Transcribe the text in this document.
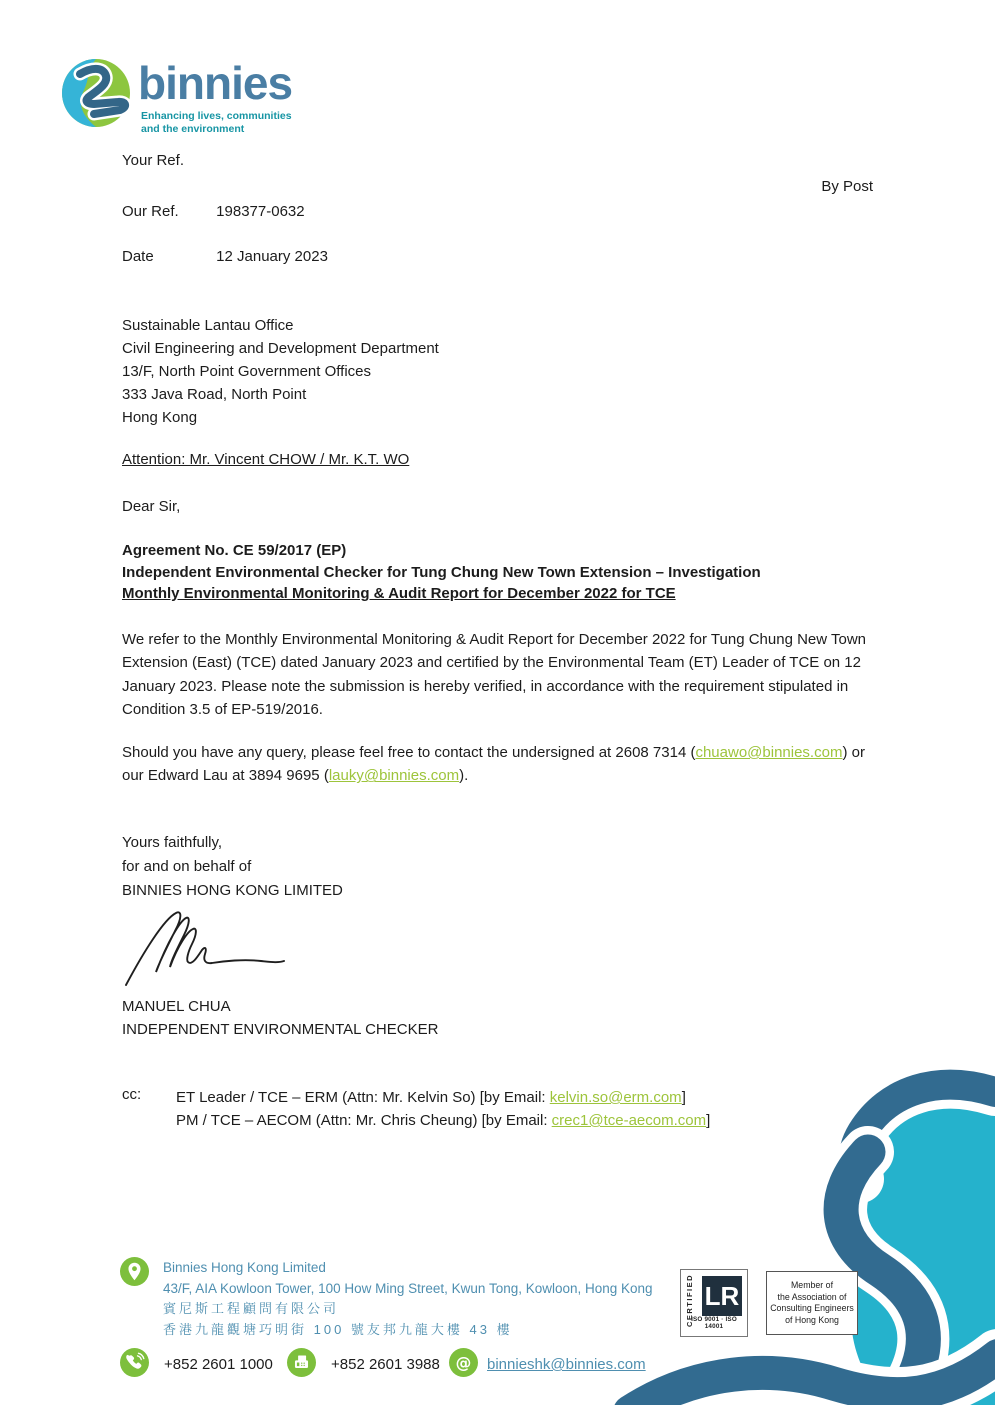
binnies
Enhancing lives, communities
and the environment
Your Ref.
By Post
Our Ref. 198377-0632
Date	12 January 2023
Sustainable Lantau Office
Civil Engineering and Development Department
13/F, North Point Government Offices
333 Java Road, North Point
Hong Kong
Attention: Mr. Vincent CHOW / Mr. K.T. WO
Dear Sir,
Agreement No. CE 59/2017 (EP)
Independent Environmental Checker for Tung Chung New Town Extension – Investigation
Monthly Environmental Monitoring & Audit Report for December 2022 for TCE
We refer to the Monthly Environmental Monitoring & Audit Report for December 2022 for Tung Chung New Town Extension (East) (TCE) dated January 2023 and certified by the Environmental Team (ET) Leader of TCE on 12 January 2023. Please note the submission is hereby verified, in accordance with the requirement stipulated in Condition 3.5 of EP-519/2016.
Should you have any query, please feel free to contact the undersigned at 2608 7314 (chuawo@binnies.com) or our Edward Lau at 3894 9695 (lauky@binnies.com).
Yours faithfully,
for and on behalf of
BINNIES HONG KONG LIMITED
MANUEL CHUA
INDEPENDENT ENVIRONMENTAL CHECKER
cc: ET Leader / TCE – ERM (Attn: Mr. Kelvin So) [by Email: kelvin.so@erm.com]
PM / TCE – AECOM (Attn: Mr. Chris Cheung) [by Email: crec1@tce-aecom.com]
Binnies Hong Kong Limited
43/F, AIA Kowloon Tower, 100 How Ming Street, Kwun Tong, Kowloon, Hong Kong
賓尼斯工程顧問有限公司
香港九龍觀塘巧明街 100 號友邦九龍大樓 43 樓
+852 2601 1000	+852 2601 3988 @ binnieshk@binnies.com
CERTIFIED LR
ISO 9001 · ISO 14001
Member of
the Association of
Consulting Engineers
of Hong Kong
